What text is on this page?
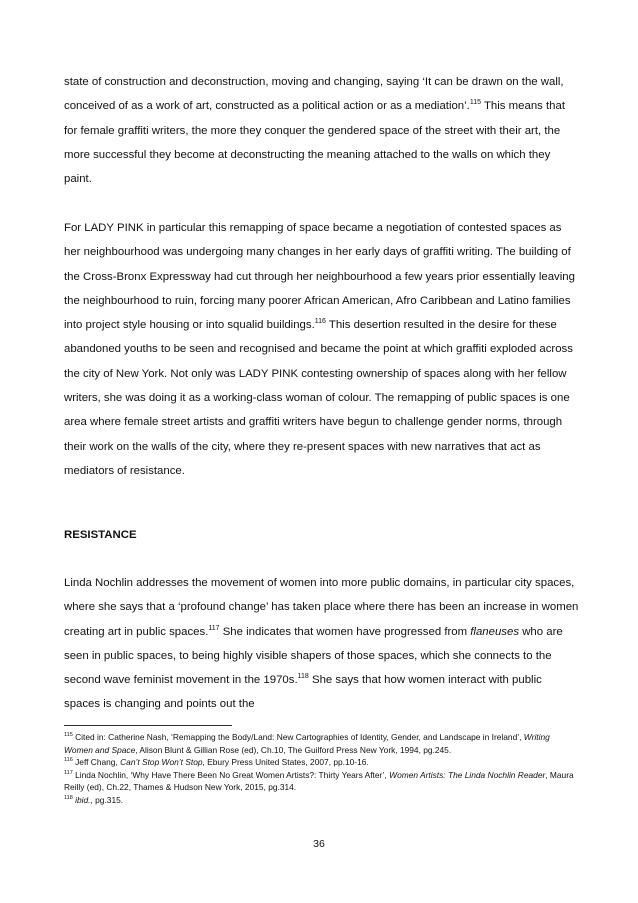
state of construction and deconstruction, moving and changing, saying ‘It can be drawn on the wall, conceived of as a work of art, constructed as a political action or as a mediation’.$^{115}$ This means that for female graffiti writers, the more they conquer the gendered space of the street with their art, the more successful they become at deconstructing the meaning attached to the walls on which they paint.

For LADY PINK in particular this remapping of space became a negotiation of contested spaces as her neighbourhood was undergoing many changes in her early days of graffiti writing. The building of the Cross-Bronx Expressway had cut through her neighbourhood a few years prior essentially leaving the neighbourhood to ruin, forcing many poorer African American, Afro Caribbean and Latino families into project style housing or into squalid buildings.$^{116}$ This desertion resulted in the desire for these abandoned youths to be seen and recognised and became the point at which graffiti exploded across the city of New York. Not only was LADY PINK contesting ownership of spaces along with her fellow writers, she was doing it as a working-class woman of colour. The remapping of public spaces is one area where female street artists and graffiti writers have begun to challenge gender norms, through their work on the walls of the city, where they re-present spaces with new narratives that act as mediators of resistance.

RESISTANCE

Linda Nochlin addresses the movement of women into more public domains, in particular city spaces, where she says that a ‘profound change’ has taken place where there has been an increase in women creating art in public spaces.$^{117}$ She indicates that women have progressed from flaneuses who are seen in public spaces, to being highly visible shapers of those spaces, which she connects to the second wave feminist movement in the 1970s.$^{118}$ She says that how women interact with public spaces is changing and points out the

$^{115}$ Cited in: Catherine Nash, ‘Remapping the Body/Land: New Cartographies of Identity, Gender, and Landscape in Ireland’, Writing Women and Space, Alison Blunt & Gillian Rose (ed), Ch.10, The Guilford Press New York, 1994, pg.245.

$^{116}$ Jeff Chang, Can’t Stop Won’t Stop, Ebury Press United States, 2007, pp.10-16.

$^{117}$ Linda Nochlin, ‘Why Have There Been No Great Women Artists?: Thirty Years After’, Women Artists: The Linda Nochlin Reader, Maura Reilly (ed), Ch.22, Thames & Hudson New York, 2015, pg.314.

$^{118}$ ibid., pg.315.

36
